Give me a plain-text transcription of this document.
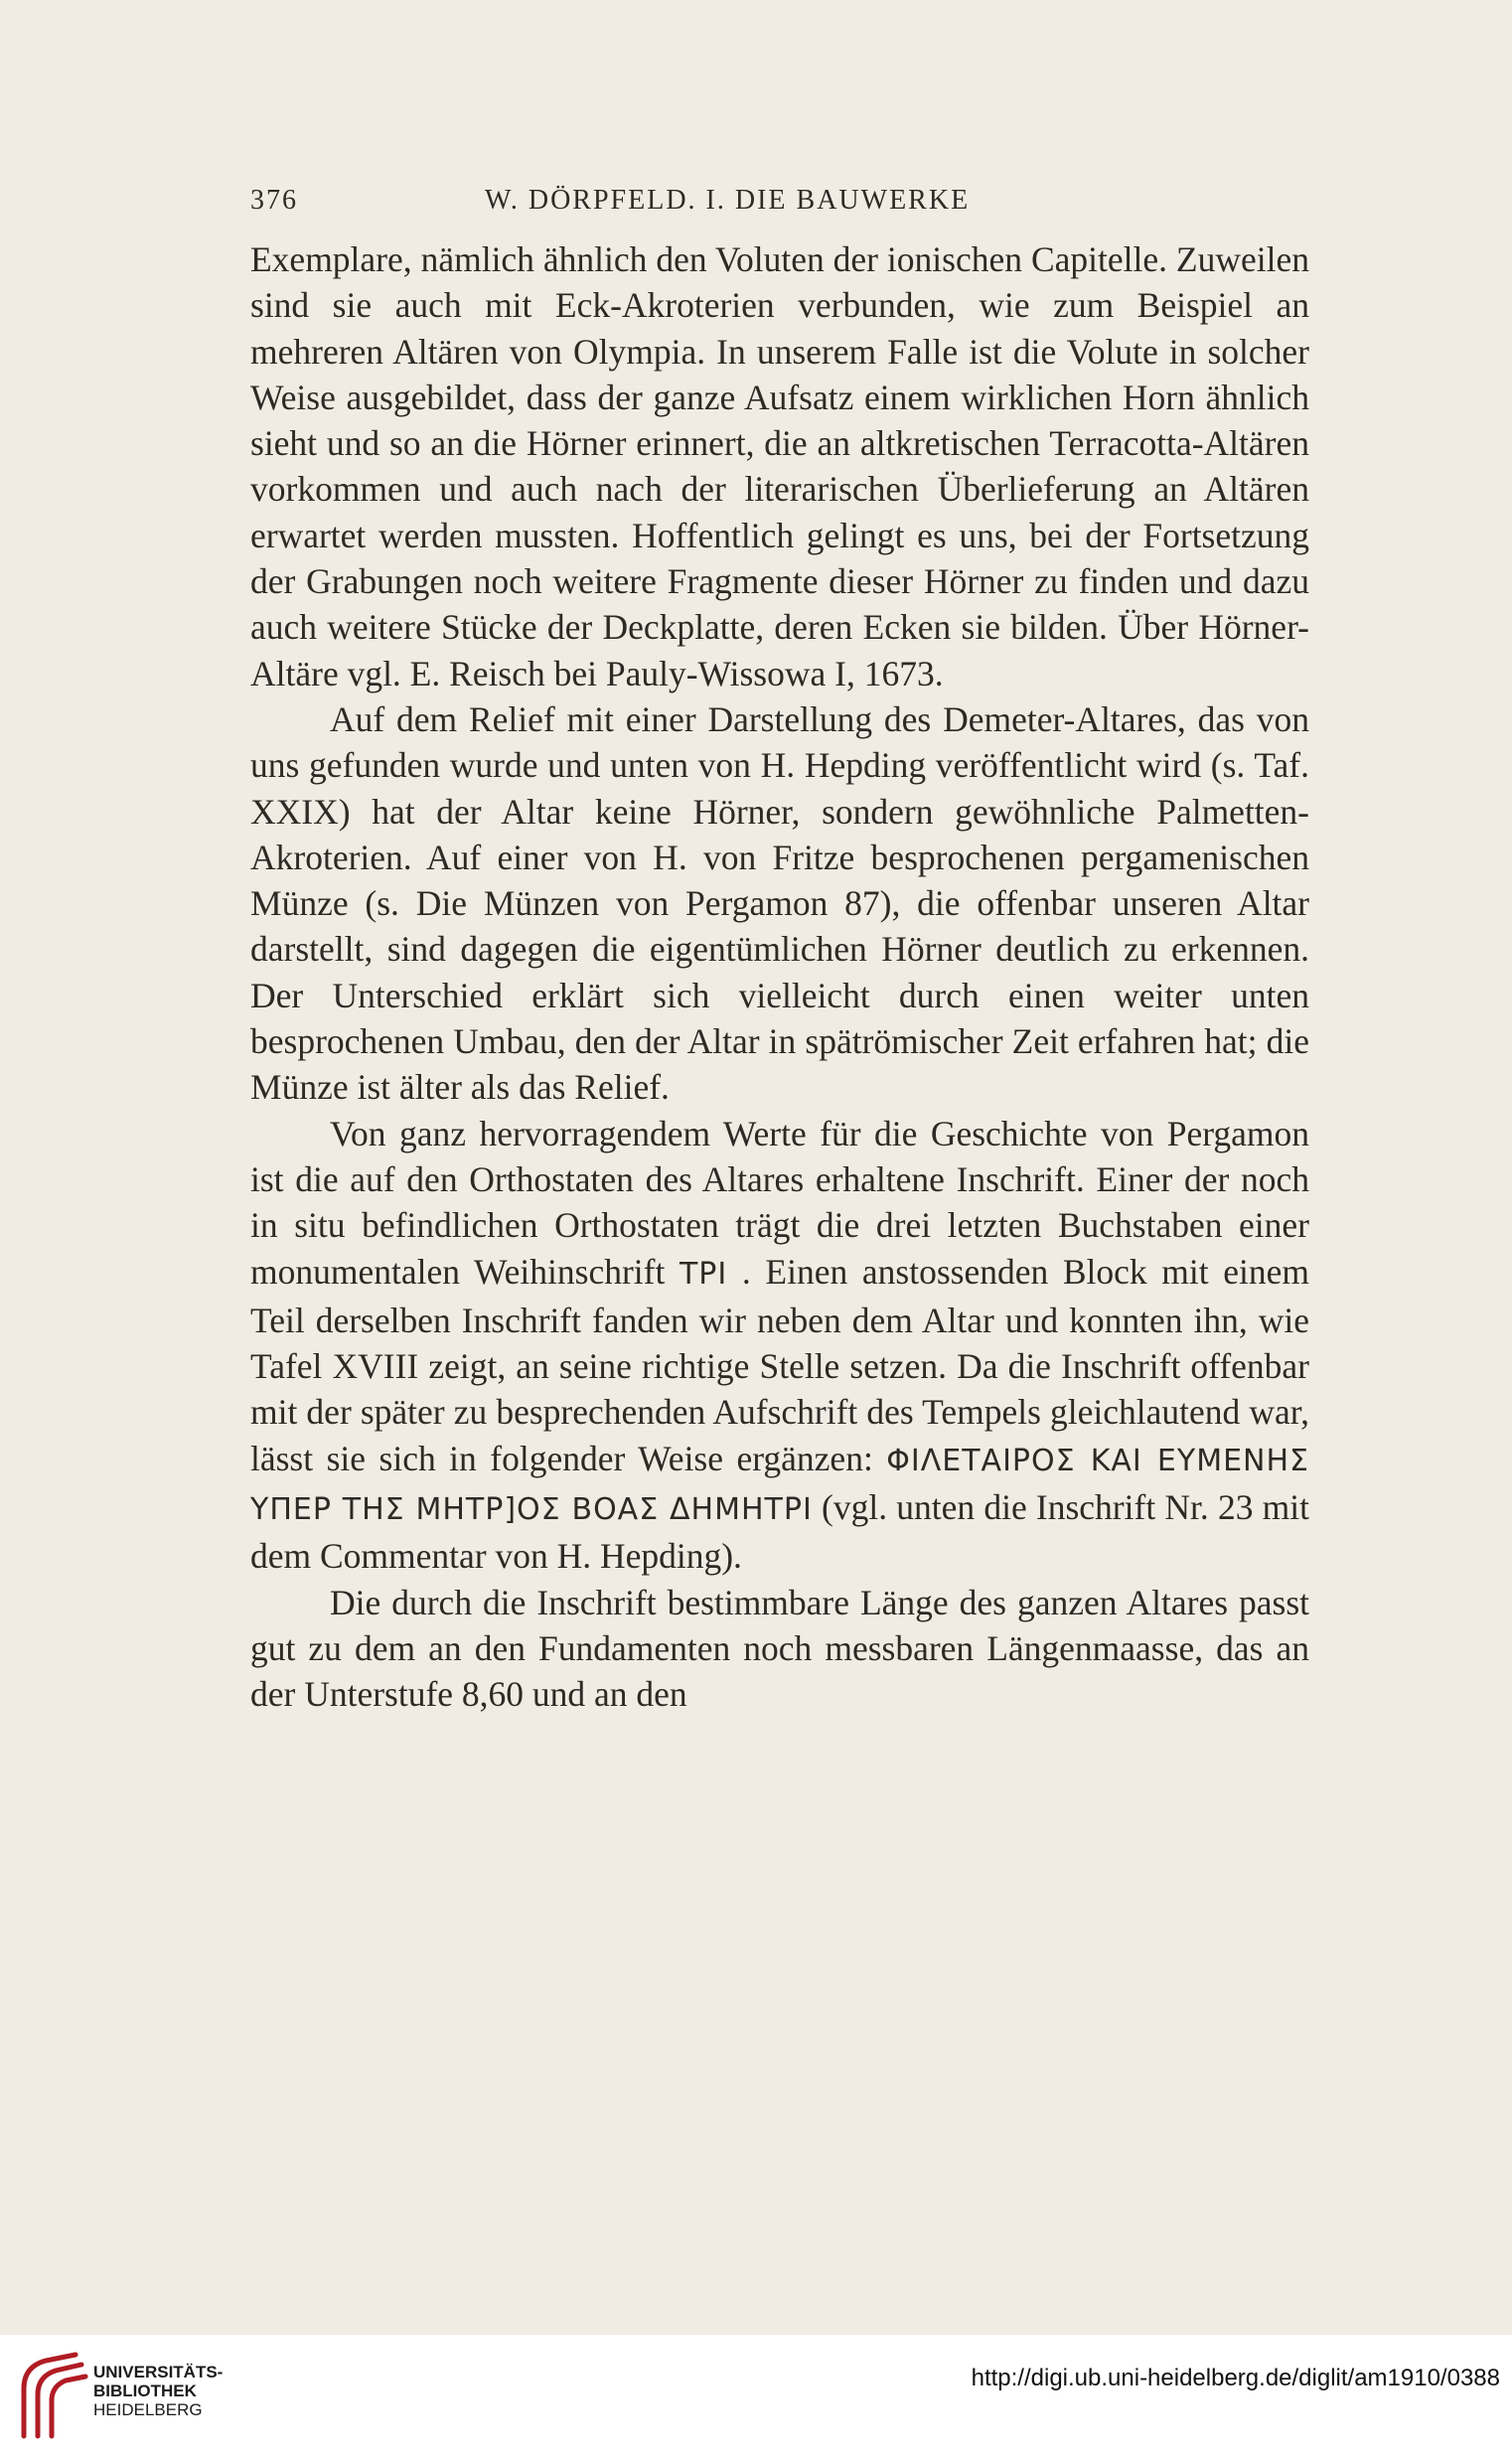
376	W. DÖRPFELD. I. DIE BAUWERKE

Exemplare, nämlich ähnlich den Voluten der ionischen Capitelle. Zuweilen sind sie auch mit Eck-Akroterien verbunden, wie zum Beispiel an mehreren Altären von Olympia. In unserem Falle ist die Volute in solcher Weise ausgebildet, dass der ganze Aufsatz einem wirklichen Horn ähnlich sieht und so an die Hörner erinnert, die an altkretischen Terracotta-Altären vorkommen und auch nach der literarischen Überlieferung an Altären erwartet werden mussten. Hoffentlich gelingt es uns, bei der Fortsetzung der Grabungen noch weitere Fragmente dieser Hörner zu finden und dazu auch weitere Stücke der Deckplatte, deren Ecken sie bilden. Über Hörner-Altäre vgl. E. Reisch bei Pauly-Wissowa I, 1673.

Auf dem Relief mit einer Darstellung des Demeter-Altares, das von uns gefunden wurde und unten von H. Hepding veröffentlicht wird (s. Taf. XXIX) hat der Altar keine Hörner, sondern gewöhnliche Palmetten-Akroterien. Auf einer von H. von Fritze besprochenen pergamenischen Münze (s. Die Münzen von Pergamon 87), die offenbar unseren Altar darstellt, sind dagegen die eigentümlichen Hörner deutlich zu erkennen. Der Unterschied erklärt sich vielleicht durch einen weiter unten besprochenen Umbau, den der Altar in spätrömischer Zeit erfahren hat; die Münze ist älter als das Relief.

Von ganz hervorragendem Werte für die Geschichte von Pergamon ist die auf den Orthostaten des Altares erhaltene Inschrift. Einer der noch in situ befindlichen Orthostaten trägt die drei letzten Buchstaben einer monumentalen Weihinschrift ΤΡΙ . Einen anstossenden Block mit einem Teil derselben Inschrift fanden wir neben dem Altar und konnten ihn, wie Tafel XVIII zeigt, an seine richtige Stelle setzen. Da die Inschrift offenbar mit der später zu besprechenden Aufschrift des Tempels gleichlautend war, lässt sie sich in folgender Weise ergänzen: ΦΙΛΕΤΑΙΡΟΣ ΚΑΙ ΕΥΜΕΝΗΣ ΥΠΕΡ ΤΗΣ ΜΗΤΡ]ΟΣ ΒΟΑΣ ΔΗΜΗΤΡΙ (vgl. unten die Inschrift Nr. 23 mit dem Commentar von H. Hepding).

Die durch die Inschrift bestimmbare Länge des ganzen Altares passt gut zu dem an den Fundamenten noch messbaren Längenmaasse, das an der Unterstufe 8,60 und an den

UNIVERSITÄTS-
BIBLIOTHEK
HEIDELBERG
http://digi.ub.uni-heidelberg.de/diglit/am1910/0388
